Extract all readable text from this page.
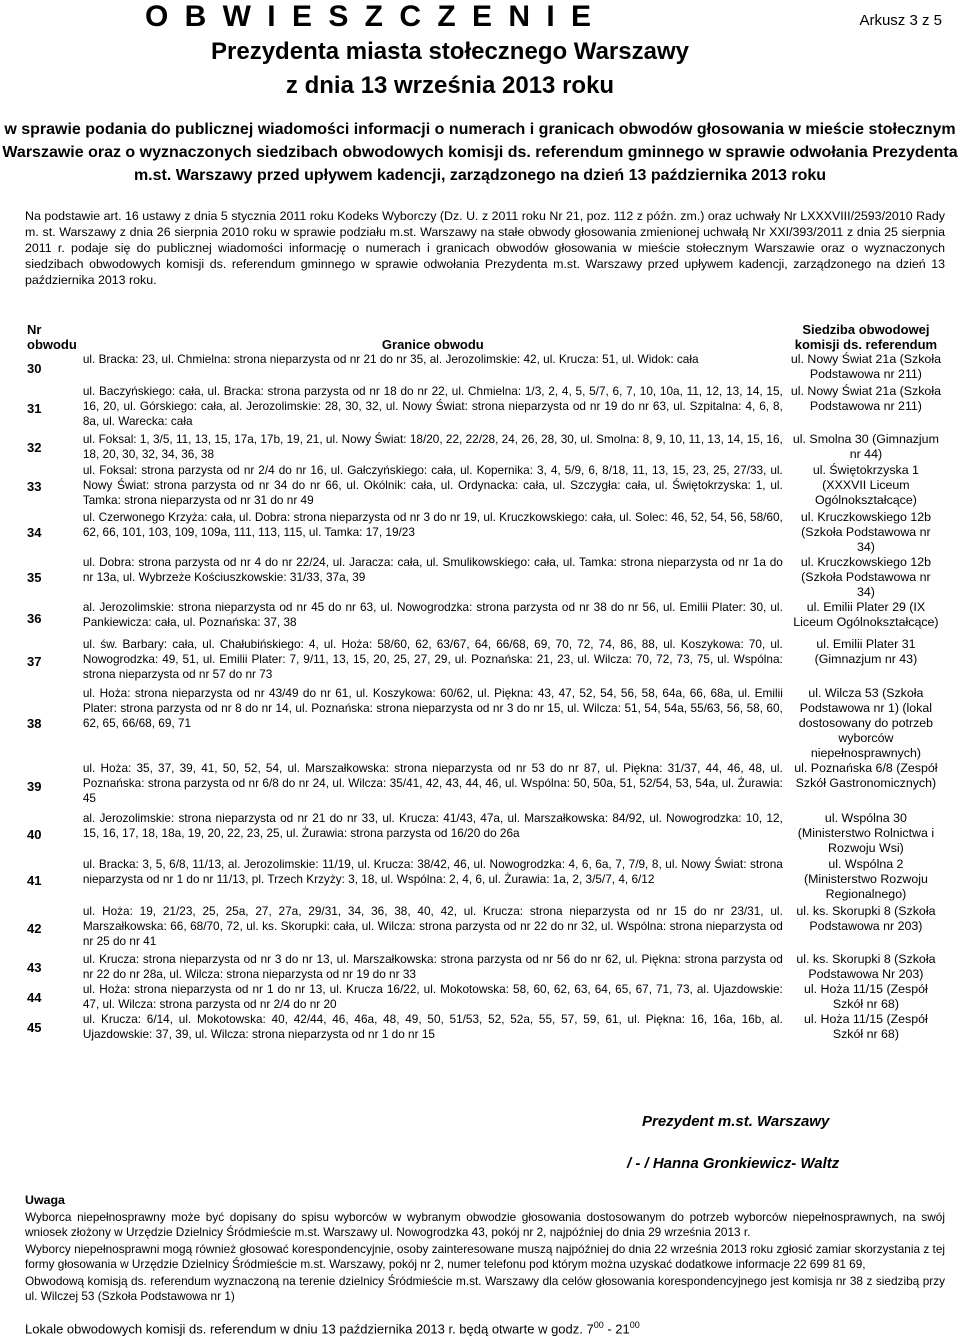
O B W I E S Z C Z E N I E
Prezydenta miasta stołecznego Warszawy
z dnia 13 września 2013 roku
Arkusz 3 z 5
w sprawie podania do publicznej wiadomości informacji o numerach i granicach obwodów głosowania w mieście stołecznym Warszawie oraz o wyznaczonych siedzibach obwodowych komisji ds. referendum gminnego w sprawie odwołania Prezydenta m.st. Warszawy przed upływem kadencji, zarządzonego na dzień 13 października 2013 roku
Na podstawie art. 16 ustawy z dnia 5 stycznia 2011 roku Kodeks Wyborczy (Dz. U. z 2011 roku Nr 21, poz. 112 z późn. zm.) oraz uchwały Nr LXXXVIII/2593/2010 Rady m. st. Warszawy z dnia 26 sierpnia 2010 roku w sprawie podziału m.st. Warszawy na stałe obwody głosowania zmienionej uchwałą Nr XXI/393/2011 z dnia 25 sierpnia 2011 r. podaje się do publicznej wiadomości informację o numerach i granicach obwodów głosowania w mieście stołecznym Warszawie oraz o wyznaczonych siedzibach obwodowych komisji ds. referendum gminnego w sprawie odwołania Prezydenta m.st. Warszawy przed upływem kadencji, zarządzonego na dzień 13 października 2013 roku.
Nr obwodu	Granice obwodu	Siedziba obwodowej komisji ds. referendum
30	ul. Bracka: 23, ul. Chmielna: strona nieparzysta od nr 21 do nr 35, al. Jerozolimskie: 42, ul. Krucza: 51, ul. Widok: cała	ul. Nowy Świat 21a (Szkoła Podstawowa nr 211)
31	ul. Baczyńskiego: cała, ul. Bracka: strona parzysta od nr 18 do nr 22, ul. Chmielna: 1/3, 2, 4, 5, 5/7, 6, 7, 10, 10a, 11, 12, 13, 14, 15, 16, 20, ul. Górskiego: cała, al. Jerozolimskie: 28, 30, 32, ul. Nowy Świat: strona nieparzysta od nr 19 do nr 63, ul. Szpitalna: 4, 6, 8, 8a, ul. Warecka: cała	ul. Nowy Świat 21a (Szkoła Podstawowa nr 211)
32	ul. Foksal: 1, 3/5, 11, 13, 15, 17a, 17b, 19, 21, ul. Nowy Świat: 18/20, 22, 22/28, 24, 26, 28, 30, ul. Smolna: 8, 9, 10, 11, 13, 14, 15, 16, 18, 20, 30, 32, 34, 36, 38	ul. Smolna 30 (Gimnazjum nr 44)
33	ul. Foksal: strona parzysta od nr 2/4 do nr 16, ul. Gałczyńskiego: cała, ul. Kopernika: 3, 4, 5/9, 6, 8/18, 11, 13, 15, 23, 25, 27/33, ul. Nowy Świat: strona parzysta od nr 34 do nr 66, ul. Okólnik: cała, ul. Ordynacka: cała, ul. Szczygła: cała, ul. Świętokrzyska: 1, ul. Tamka: strona nieparzysta od nr 31 do nr 49	ul. Świętokrzyska 1 (XXXVII Liceum Ogólnokształcące)
34	ul. Czerwonego Krzyża: cała, ul. Dobra: strona nieparzysta od nr 3 do nr 19, ul. Kruczkowskiego: cała, ul. Solec: 46, 52, 54, 56, 58/60, 62, 66, 101, 103, 109, 109a, 111, 113, 115, ul. Tamka: 17, 19/23	ul. Kruczkowskiego 12b (Szkoła Podstawowa nr 34)
35	ul. Dobra: strona parzysta od nr 4 do nr 22/24, ul. Jaracza: cała, ul. Smulikowskiego: cała, ul. Tamka: strona nieparzysta od nr 1a do nr 13a, ul. Wybrzeże Kościuszkowskie: 31/33, 37a, 39	ul. Kruczkowskiego 12b (Szkoła Podstawowa nr 34)
36	al. Jerozolimskie: strona nieparzysta od nr 45 do nr 63, ul. Nowogrodzka: strona parzysta od nr 38 do nr 56, ul. Emilii Plater: 30, ul. Pankiewicza: cała, ul. Poznańska: 37, 38	ul. Emilii Plater 29 (IX Liceum Ogólnokształcące)
37	ul. św. Barbary: cała, ul. Chałubińskiego: 4, ul. Hoża: 58/60, 62, 63/67, 64, 66/68, 69, 70, 72, 74, 86, 88, ul. Koszykowa: 70, ul. Nowogrodzka: 49, 51, ul. Emilii Plater: 7, 9/11, 13, 15, 20, 25, 27, 29, ul. Poznańska: 21, 23, ul. Wilcza: 70, 72, 73, 75, ul. Wspólna: strona nieparzysta od nr 57 do nr 73	ul. Emilii Plater 31 (Gimnazjum nr 43)
38	ul. Hoża: strona nieparzysta od nr 43/49 do nr 61, ul. Koszykowa: 60/62, ul. Piękna: 43, 47, 52, 54, 56, 58, 64a, 66, 68a, ul. Emilii Plater: strona parzysta od nr 8 do nr 14, ul. Poznańska: strona nieparzysta od nr 3 do nr 15, ul. Wilcza: 51, 54, 54a, 55/63, 56, 58, 60, 62, 65, 66/68, 69, 71	ul. Wilcza 53 (Szkoła Podstawowa nr 1) (lokal dostosowany do potrzeb wyborców niepełnosprawnych)
39	ul. Hoża: 35, 37, 39, 41, 50, 52, 54, ul. Marszałkowska: strona nieparzysta od nr 53 do nr 87, ul. Piękna: 31/37, 44, 46, 48, ul. Poznańska: strona parzysta od nr 6/8 do nr 24, ul. Wilcza: 35/41, 42, 43, 44, 46, ul. Wspólna: 50, 50a, 51, 52/54, 53, 54a, ul. Żurawia: 45	ul. Poznańska 6/8 (Zespół Szkół Gastronomicznych)
40	al. Jerozolimskie: strona nieparzysta od nr 21 do nr 33, ul. Krucza: 41/43, 47a, ul. Marszałkowska: 84/92, ul. Nowogrodzka: 10, 12, 15, 16, 17, 18, 18a, 19, 20, 22, 23, 25, ul. Żurawia: strona parzysta od 16/20 do 26a	ul. Wspólna 30 (Ministerstwo Rolnictwa i Rozwoju Wsi)
41	ul. Bracka: 3, 5, 6/8, 11/13, al. Jerozolimskie: 11/19, ul. Krucza: 38/42, 46, ul. Nowogrodzka: 4, 6, 6a, 7, 7/9, 8, ul. Nowy Świat: strona nieparzysta od nr 1 do nr 11/13, pl. Trzech Krzyży: 3, 18, ul. Wspólna: 2, 4, 6, ul. Żurawia: 1a, 2, 3/5/7, 4, 6/12	ul. Wspólna 2 (Ministerstwo Rozwoju Regionalnego)
42	ul. Hoża: 19, 21/23, 25, 25a, 27, 27a, 29/31, 34, 36, 38, 40, 42, ul. Krucza: strona nieparzysta od nr 15 do nr 23/31, ul. Marszałkowska: 66, 68/70, 72, ul. ks. Skorupki: cała, ul. Wilcza: strona parzysta od nr 22 do nr 32, ul. Wspólna: strona nieparzysta od nr 25 do nr 41	ul. ks. Skorupki 8 (Szkoła Podstawowa nr 203)
43	ul. Krucza: strona nieparzysta od nr 3 do nr 13, ul. Marszałkowska: strona parzysta od nr 56 do nr 62, ul. Piękna: strona parzysta od nr 22 do nr 28a, ul. Wilcza: strona nieparzysta od nr 19 do nr 33	ul. ks. Skorupki 8 (Szkoła Podstawowa Nr 203)
44	ul. Hoża: strona nieparzysta od nr 1 do nr 13, ul. Krucza 16/22, ul. Mokotowska: 58, 60, 62, 63, 64, 65, 67, 71, 73, al. Ujazdowskie: 47, ul. Wilcza: strona parzysta od nr 2/4 do nr 20	ul. Hoża 11/15 (Zespół Szkół nr 68)
45	ul. Krucza: 6/14, ul. Mokotowska: 40, 42/44, 46, 46a, 48, 49, 50, 51/53, 52, 52a, 55, 57, 59, 61, ul. Piękna: 16, 16a, 16b, al. Ujazdowskie: 37, 39, ul. Wilcza: strona nieparzysta od nr 1 do nr 15	ul. Hoża 11/15 (Zespół Szkół nr 68)
Prezydent m.st. Warszawy
/ - / Hanna Gronkiewicz- Waltz
Uwaga
Wyborca niepełnosprawny może być dopisany do spisu wyborców w wybranym obwodzie głosowania dostosowanym do potrzeb wyborców niepełnosprawnych, na swój wniosek złożony w Urzędzie Dzielnicy Śródmieście m.st. Warszawy ul. Nowogrodzka 43, pokój nr 2, najpóźniej do dnia 29 września 2013 r.
Wyborcy niepełnosprawni mogą również głosować korespondencyjnie, osoby zainteresowane muszą najpóźniej do dnia 22 września 2013 roku zgłosić zamiar skorzystania z tej formy głosowania w Urzędzie Dzielnicy Śródmieście m.st. Warszawy, pokój nr 2, numer telefonu pod którym można uzyskać dodatkowe informacje 22 699 81 69,
Obwodową komisją ds. referendum wyznaczoną na terenie dzielnicy Śródmieście m.st. Warszawy dla celów głosowania korespondencyjnego jest komisja nr 38 z siedzibą przy ul. Wilczej 53 (Szkoła Podstawowa nr 1)
Lokale obwodowych komisji ds. referendum w dniu 13 października 2013 r. będą otwarte w godz. $7^{00} - 21^{00}$
